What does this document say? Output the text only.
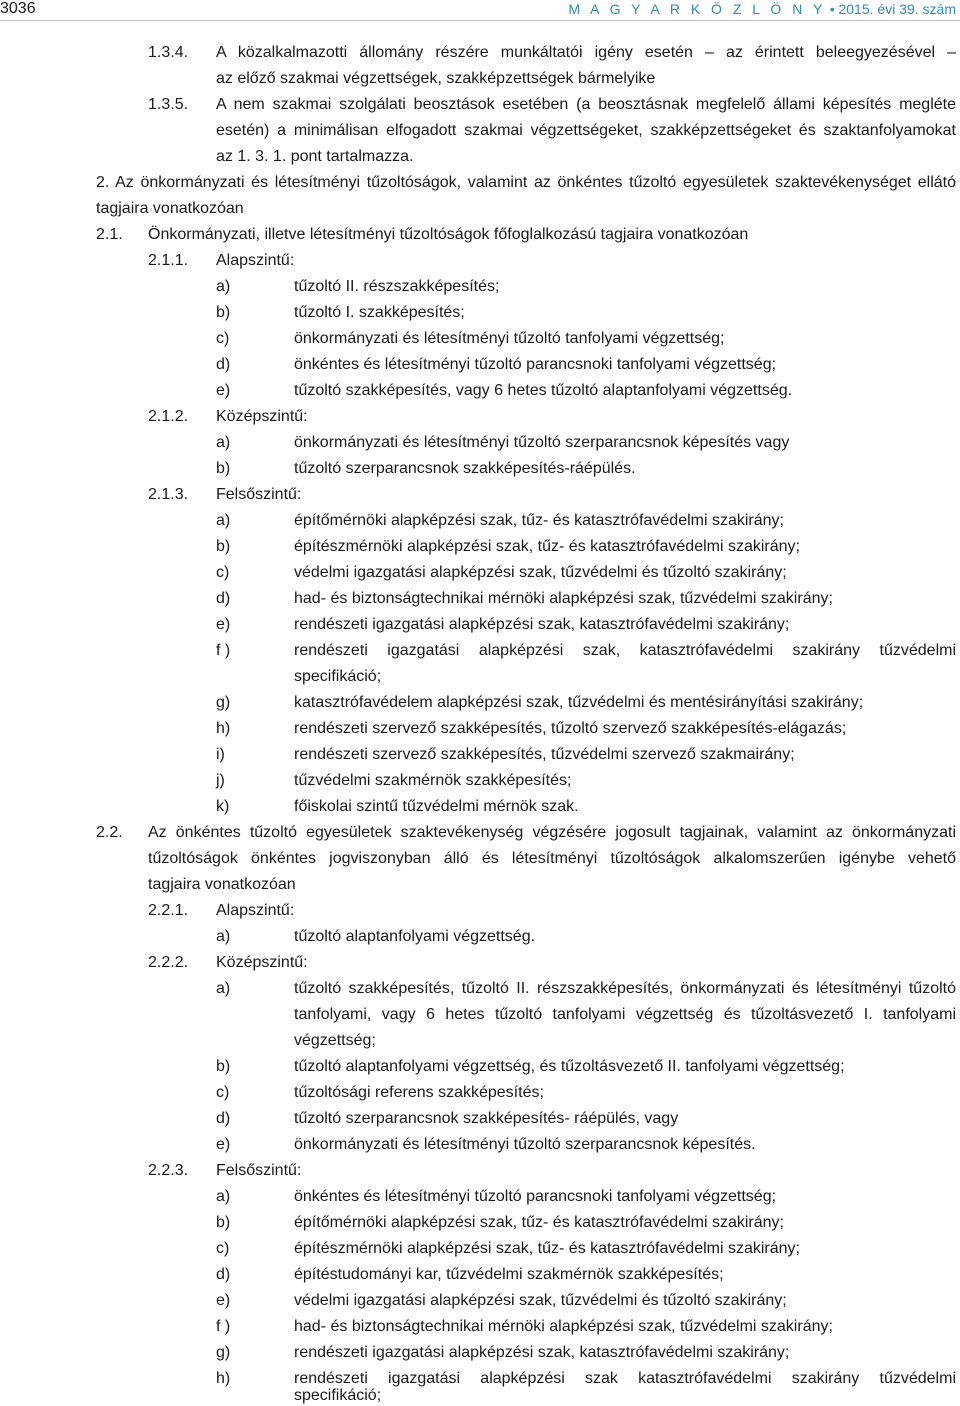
3036	M A G Y A R K Ö Z L Ö N Y • 2015. évi 39. szám
1.3.4. A közalkalmazotti állomány részére munkáltatói igény esetén – az érintett beleegyezésével –
az előző szakmai végzettségek, szakképzettségek bármelyike
1.3.5. A nem szakmai szolgálati beosztások esetében (a beosztásnak megfelelő állami képesítés megléte
esetén) a minimálisan elfogadott szakmai végzettségeket, szakképzettségeket és szaktanfolyamokat
az 1. 3. 1. pont tartalmazza.
2. Az önkormányzati és létesítményi tűzoltóságok, valamint az önkéntes tűzoltó egyesületek szaktevékenységet ellátó
tagjaira vonatkozóan
2.1. Önkormányzati, illetve létesítményi tűzoltóságok főfoglalkozású tagjaira vonatkozóan
2.1.1. Alapszintű:
a)	tűzoltó II. részszakképesítés;
b)	tűzoltó I. szakképesítés;
c)	önkormányzati és létesítményi tűzoltó tanfolyami végzettség;
d)	önkéntes és létesítményi tűzoltó parancsnoki tanfolyami végzettség;
e)	tűzoltó szakképesítés, vagy 6 hetes tűzoltó alaptanfolyami végzettség.
2.1.2. Középszintű:
a)	önkormányzati és létesítményi tűzoltó szerparancsnok képesítés vagy
b)	tűzoltó szerparancsnok szakképesítés-ráépülés.
2.1.3. Felsőszintű:
a)	építőmérnöki alapképzési szak, tűz- és katasztrófavédelmi szakirány;
b)	építészmérnöki alapképzési szak, tűz- és katasztrófavédelmi szakirány;
c)	védelmi igazgatási alapképzési szak, tűzvédelmi és tűzoltó szakirány;
d)	had- és biztonságtechnikai mérnöki alapképzési szak, tűzvédelmi szakirány;
e)	rendészeti igazgatási alapképzési szak, katasztrófavédelmi szakirány;
f )	rendészeti igazgatási alapképzési szak, katasztrófavédelmi szakirány tűzvédelmi
specifikáció;
g)	katasztrófavédelem alapképzési szak, tűzvédelmi és mentésirányítási szakirány;
h)	rendészeti szervező szakképesítés, tűzoltó szervező szakképesítés-elágazás;
i)	rendészeti szervező szakképesítés, tűzvédelmi szervező szakmairány;
j)	tűzvédelmi szakmérnök szakképesítés;
k)	főiskolai szintű tűzvédelmi mérnök szak.
2.2. Az önkéntes tűzoltó egyesületek szaktevékenység végzésére jogosult tagjainak, valamint az önkormányzati
tűzoltóságok önkéntes jogviszonyban álló és létesítményi tűzoltóságok alkalomszerűen igénybe vehető
tagjaira vonatkozóan
2.2.1. Alapszintű:
a)	tűzoltó alaptanfolyami végzettség.
2.2.2. Középszintű:
a)	tűzoltó szakképesítés, tűzoltó II. részszakképesítés, önkormányzati és létesítményi tűzoltó
tanfolyami, vagy 6 hetes tűzoltó tanfolyami végzettség és tűzoltásvezető I. tanfolyami
végzettség;
b)	tűzoltó alaptanfolyami végzettség, és tűzoltásvezető II. tanfolyami végzettség;
c)	tűzoltósági referens szakképesítés;
d)	tűzoltó szerparancsnok szakképesítés- ráépülés, vagy
e)	önkormányzati és létesítményi tűzoltó szerparancsnok képesítés.
2.2.3. Felsőszintű:
a)	önkéntes és létesítményi tűzoltó parancsnoki tanfolyami végzettség;
b)	építőmérnöki alapképzési szak, tűz- és katasztrófavédelmi szakirány;
c)	építészmérnöki alapképzési szak, tűz- és katasztrófavédelmi szakirány;
d)	építéstudományi kar, tűzvédelmi szakmérnök szakképesítés;
e)	védelmi igazgatási alapképzési szak, tűzvédelmi és tűzoltó szakirány;
f )	had- és biztonságtechnikai mérnöki alapképzési szak, tűzvédelmi szakirány;
g)	rendészeti igazgatási alapképzési szak, katasztrófavédelmi szakirány;
h)	rendészeti igazgatási alapképzési szak katasztrófavédelmi szakirány tűzvédelmi
specifikáció;
